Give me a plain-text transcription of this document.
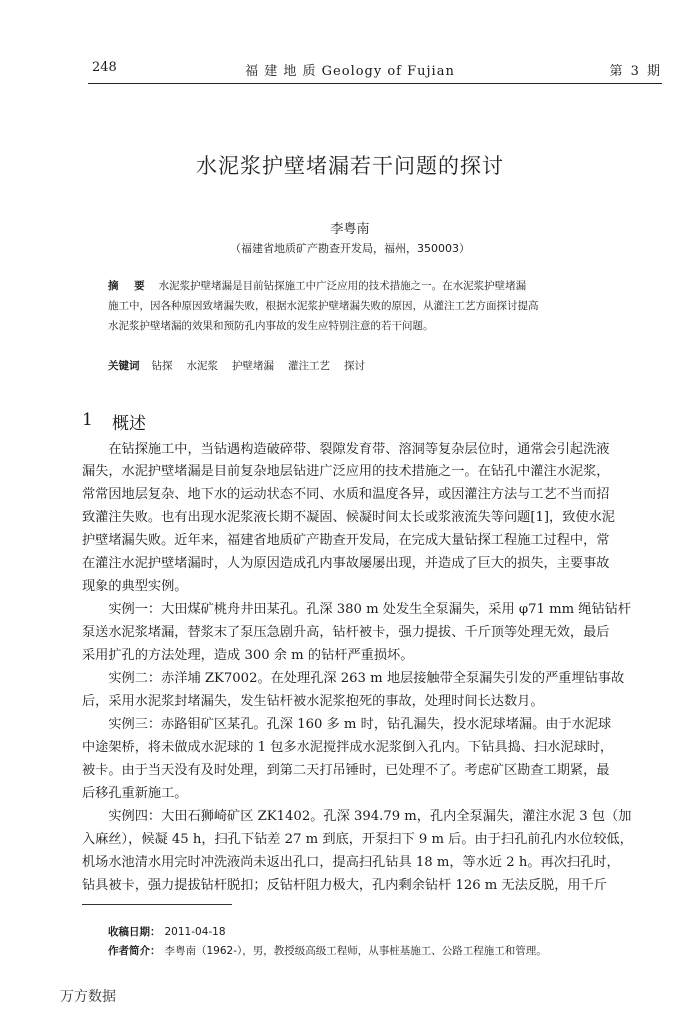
248	福 建 地 质 Geology of Fujian	第 3 期
水泥浆护壁堵漏若干问题的探讨
李粤南
（福建省地质矿产勘查开发局，福州，350003）
摘 要 水泥浆护壁堵漏是目前钻探施工中广泛应用的技术措施之一。在水泥浆护壁堵漏
施工中，因各种原因致堵漏失败，根据水泥浆护壁堵漏失败的原因，从灌注工艺方面探讨提高
水泥浆护壁堵漏的效果和预防孔内事故的发生应特别注意的若干问题。
关键词 钻探 水泥浆 护壁堵漏 灌注工艺 探讨
1 概述
　　在钻探施工中，当钻遇构造破碎带、裂隙发育带、溶洞等复杂层位时，通常会引起洗液
漏失，水泥护壁堵漏是目前复杂地层钻进广泛应用的技术措施之一。在钻孔中灌注水泥浆，
常常因地层复杂、地下水的运动状态不同、水质和温度各异，或因灌注方法与工艺不当而招
致灌注失败。也有出现水泥浆液长期不凝固、候凝时间太长或浆液流失等问题[1]，致使水泥
护壁堵漏失败。近年来，福建省地质矿产勘查开发局，在完成大量钻探工程施工过程中，常
在灌注水泥护壁堵漏时，人为原因造成孔内事故屡屡出现，并造成了巨大的损失，主要事故
现象的典型实例。
　　实例一：大田煤矿桃舟井田某孔。孔深 380 m 处发生全泵漏失，采用 φ71 mm 绳钻钻杆
泵送水泥浆堵漏，替浆末了泵压急剧升高，钻杆被卡，强力提拔、千斤顶等处理无效，最后
采用扩孔的方法处理，造成 300 余 m 的钻杆严重损坏。
　　实例二：赤洋埔 ZK7002。在处理孔深 263 m 地层接触带全泵漏失引发的严重埋钻事故
后，采用水泥浆封堵漏失，发生钻杆被水泥浆抱死的事故，处理时间长达数月。
　　实例三：赤路钼矿区某孔。孔深 160 多 m 时，钻孔漏失，投水泥球堵漏。由于水泥球
中途架桥，将未做成水泥球的 1 包多水泥搅拌成水泥浆倒入孔内。下钻具捣、扫水泥球时，
被卡。由于当天没有及时处理，到第二天打吊锤时，已处理不了。考虑矿区勘查工期紧，最
后移孔重新施工。
　　实例四：大田石狮崎矿区 ZK1402。孔深 394.79 m，孔内全泵漏失，灌注水泥 3 包（加
入麻丝），候凝 45 h，扫孔下钻差 27 m 到底，开泵扫下 9 m 后。由于扫孔前孔内水位较低，
机场水池清水用完时冲洗液尚未返出孔口，提高扫孔钻具 18 m，等水近 2 h。再次扫孔时，
钻具被卡，强力提拔钻杆脱扣；反钻杆阻力极大，孔内剩余钻杆 126 m 无法反脱，用千斤
收稿日期： 2011-04-18
作者简介： 李粤南（1962-），男，教授级高级工程师，从事桩基施工、公路工程施工和管理。
万方数据
